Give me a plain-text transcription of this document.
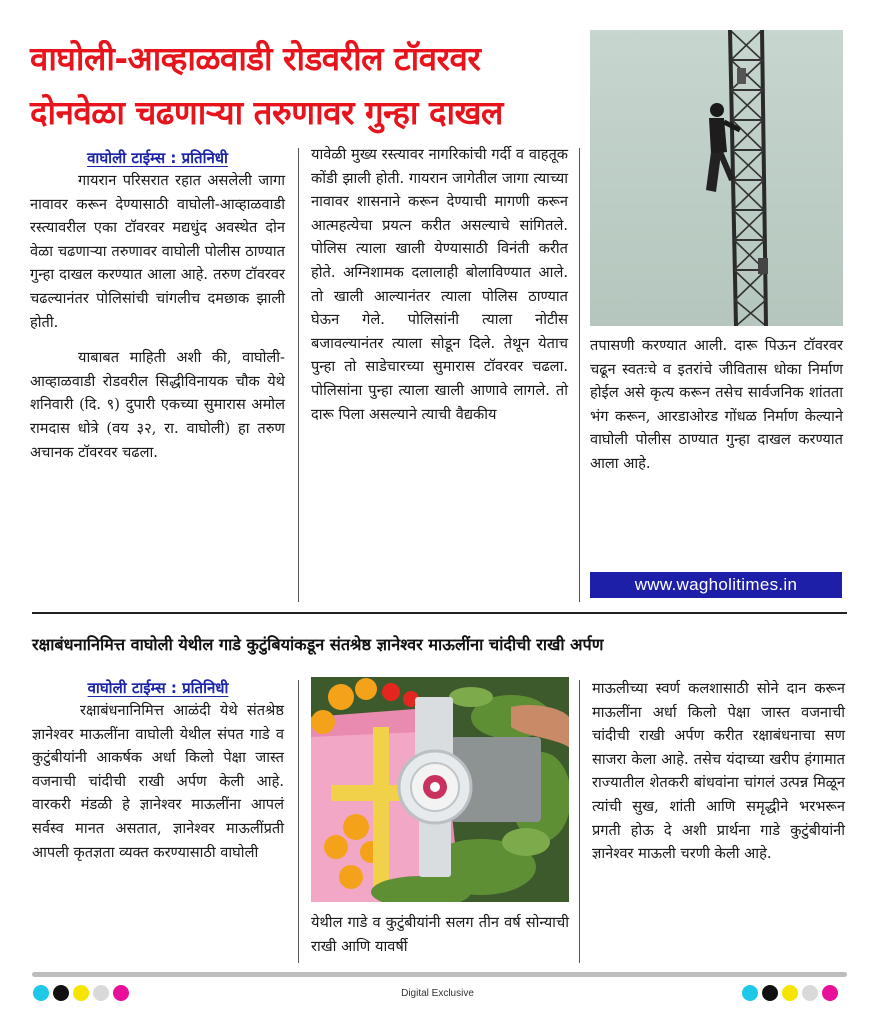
वाघोली-आव्हाळवाडी रोडवरील टॉवरवर
दोनवेळा चढणाऱ्या तरुणावर गुन्हा दाखल
वाघोली टाईम्स : प्रतिनिधी

गायरान परिसरात रहात असलेली जागा नावावर करून देण्यासाठी वाघोली-आव्हाळवाडी रस्त्यावरील एका टॉवरवर मद्यधुंद अवस्थेत दोन वेळा चढणाऱ्या तरुणावर वाघोली पोलीस ठाण्यात गुन्हा दाखल करण्यात आला आहे. तरुण टॉवरवर चढल्यानंतर पोलिसांची चांगलीच दमछाक झाली होती.

याबाबत माहिती अशी की, वाघोली-आव्हाळवाडी रोडवरील सिद्धीविनायक चौक येथे शनिवारी (दि. ९) दुपारी एकच्या सुमारास अमोल रामदास धोत्रे (वय ३२, रा. वाघोली) हा तरुण अचानक टॉवरवर चढला.

यावेळी मुख्य रस्त्यावर नागरिकांची गर्दी व वाहतूक कोंडी झाली होती. गायरान जागेतील जागा त्याच्या नावावर शासनाने करून देण्याची मागणी करून आत्महत्येचा प्रयत्न करीत असल्याचे सांगितले. पोलिस त्याला खाली येण्यासाठी विनंती करीत होते. अग्निशामक दलालाही बोलाविण्यात आले. तो खाली आल्यानंतर त्याला पोलिस ठाण्यात घेऊन गेले. पोलिसांनी त्याला नोटीस बजावल्यानंतर त्याला सोडून दिले. तेथून येताच पुन्हा तो साडेचारच्या सुमारास टॉवरवर चढला. पोलिसांना पुन्हा त्याला खाली आणावे लागले. तो दारू पिला असल्याने त्याची वैद्यकीय

तपासणी करण्यात आली. दारू पिऊन टॉवरवर चढून स्वतःचे व इतरांचे जीवितास धोका निर्माण होईल असे कृत्य करून तसेच सार्वजनिक शांतता भंग करून, आरडाओरड गोंधळ निर्माण केल्याने वाघोली पोलीस ठाण्यात गुन्हा दाखल करण्यात आला आहे.

www.wagholitimes.in
रक्षाबंधनानिमित्त वाघोली येथील गाडे कुटुंबियांकडून संतश्रेष्ठ ज्ञानेश्वर माऊलींना चांदीची राखी अर्पण
वाघोली टाईम्स : प्रतिनिधी

रक्षाबंधनानिमित्त आळंदी येथे संतश्रेष्ठ ज्ञानेश्वर माऊलींना वाघोली येथील संपत गाडे व कुटुंबीयांनी आकर्षक अर्धा किलो पेक्षा जास्त वजनाची चांदीची राखी अर्पण केली आहे. वारकरी मंडळी हे ज्ञानेश्वर माऊलींना आपलं सर्वस्व मानत असतात, ज्ञानेश्वर माऊलींप्रती आपली कृतज्ञता व्यक्त करण्यासाठी वाघोली

येथील गाडे व कुटुंबीयांनी सलग तीन वर्ष सोन्याची राखी आणि यावर्षी

माऊलीच्या स्वर्ण कलशासाठी सोने दान करून माऊलींना अर्धा किलो पेक्षा जास्त वजनाची चांदीची राखी अर्पण करीत रक्षाबंधनाचा सण साजरा केला आहे. तसेच यंदाच्या खरीप हंगामात राज्यातील शेतकरी बांधवांना चांगलं उत्पन्न मिळून त्यांची सुख, शांती आणि समृद्धीने भरभरून प्रगती होऊ दे अशी प्रार्थना गाडे कुटुंबीयांनी ज्ञानेश्वर माऊली चरणी केली आहे.

Digital Exclusive
